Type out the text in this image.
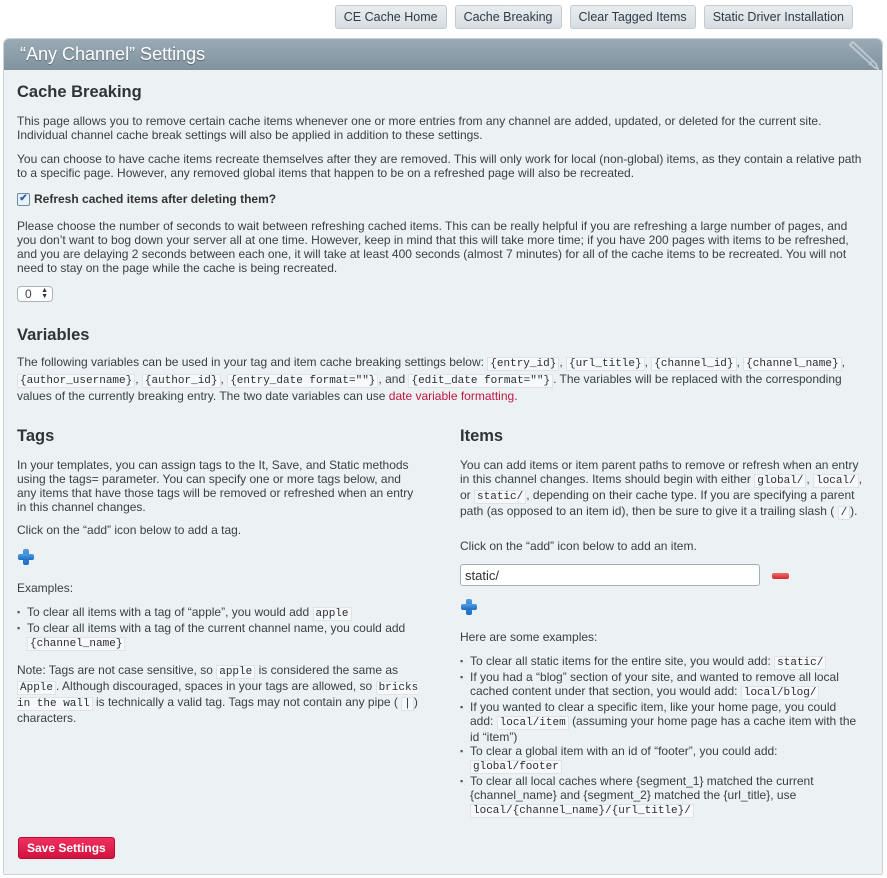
CE Cache Home	Cache Breaking	Clear Tagged Items	Static Driver Installation
“Any Channel” Settings
Cache Breaking

This page allows you to remove certain cache items whenever one or more entries from any channel are added, updated, or deleted for the current site. Individual channel cache break settings will also be applied in addition to these settings.

You can choose to have cache items recreate themselves after they are removed. This will only work for local (non-global) items, as they contain a relative path to a specific page. However, any removed global items that happen to be on a refreshed page will also be recreated.

✔ Refresh cached items after deleting them?

Please choose the number of seconds to wait between refreshing cached items. This can be really helpful if you are refreshing a large number of pages, and you don’t want to bog down your server all at one time. However, keep in mind that this will take more time; if you have 200 pages with items to be refreshed, and you are delaying 2 seconds between each one, it will take at least 400 seconds (almost 7 minutes) for all of the cache items to be recreated. You will not need to stay on the page while the cache is being recreated.

0 ▲
▼
Variables

The following variables can be used in your tag and item cache breaking settings below: {entry_id} , {url_title} , {channel_id} , {channel_name} , {author_username} , {author_id} , {entry_date format=""} , and {edit_date format=""} . The variables will be replaced with the corresponding values of the currently breaking entry. The two date variables can use date variable formatting.

Tags

In your templates, you can assign tags to the It, Save, and Static methods using the tags= parameter. You can specify one or more tags below, and any items that have those tags will be removed or refreshed when an entry in this channel changes.

Click on the “add” icon below to add a tag.

Examples:

▪ To clear all items with a tag of “apple”, you would add apple
▪ To clear all items with a tag of the current channel name, you could add {channel_name}

Note: Tags are not case sensitive, so apple is considered the same as Apple . Although discouraged, spaces in your tags are allowed, so bricks in the wall is technically a valid tag. Tags may not contain any pipe ( | ) characters.

Items

You can add items or item parent paths to remove or refresh when an entry in this channel changes. Items should begin with either global/ , local/ , or static/ , depending on their cache type. If you are specifying a parent path (as opposed to an item id), then be sure to give it a trailing slash ( / ).

Click on the “add” icon below to add an item.

static/

Here are some examples:

▪ To clear all static items for the entire site, you would add: static/
▪ If you had a “blog” section of your site, and wanted to remove all local cached content under that section, you would add: local/blog/
▪ If you wanted to clear a specific item, like your home page, you could add: local/item (assuming your home page has a cache item with the id “item”)
▪ To clear a global item with an id of “footer”, you could add: global/footer
▪ To clear all local caches where {segment_1} matched the current {channel_name} and {segment_2} matched the {url_title}, use local/{channel_name}/{url_title}/
Save Settings
